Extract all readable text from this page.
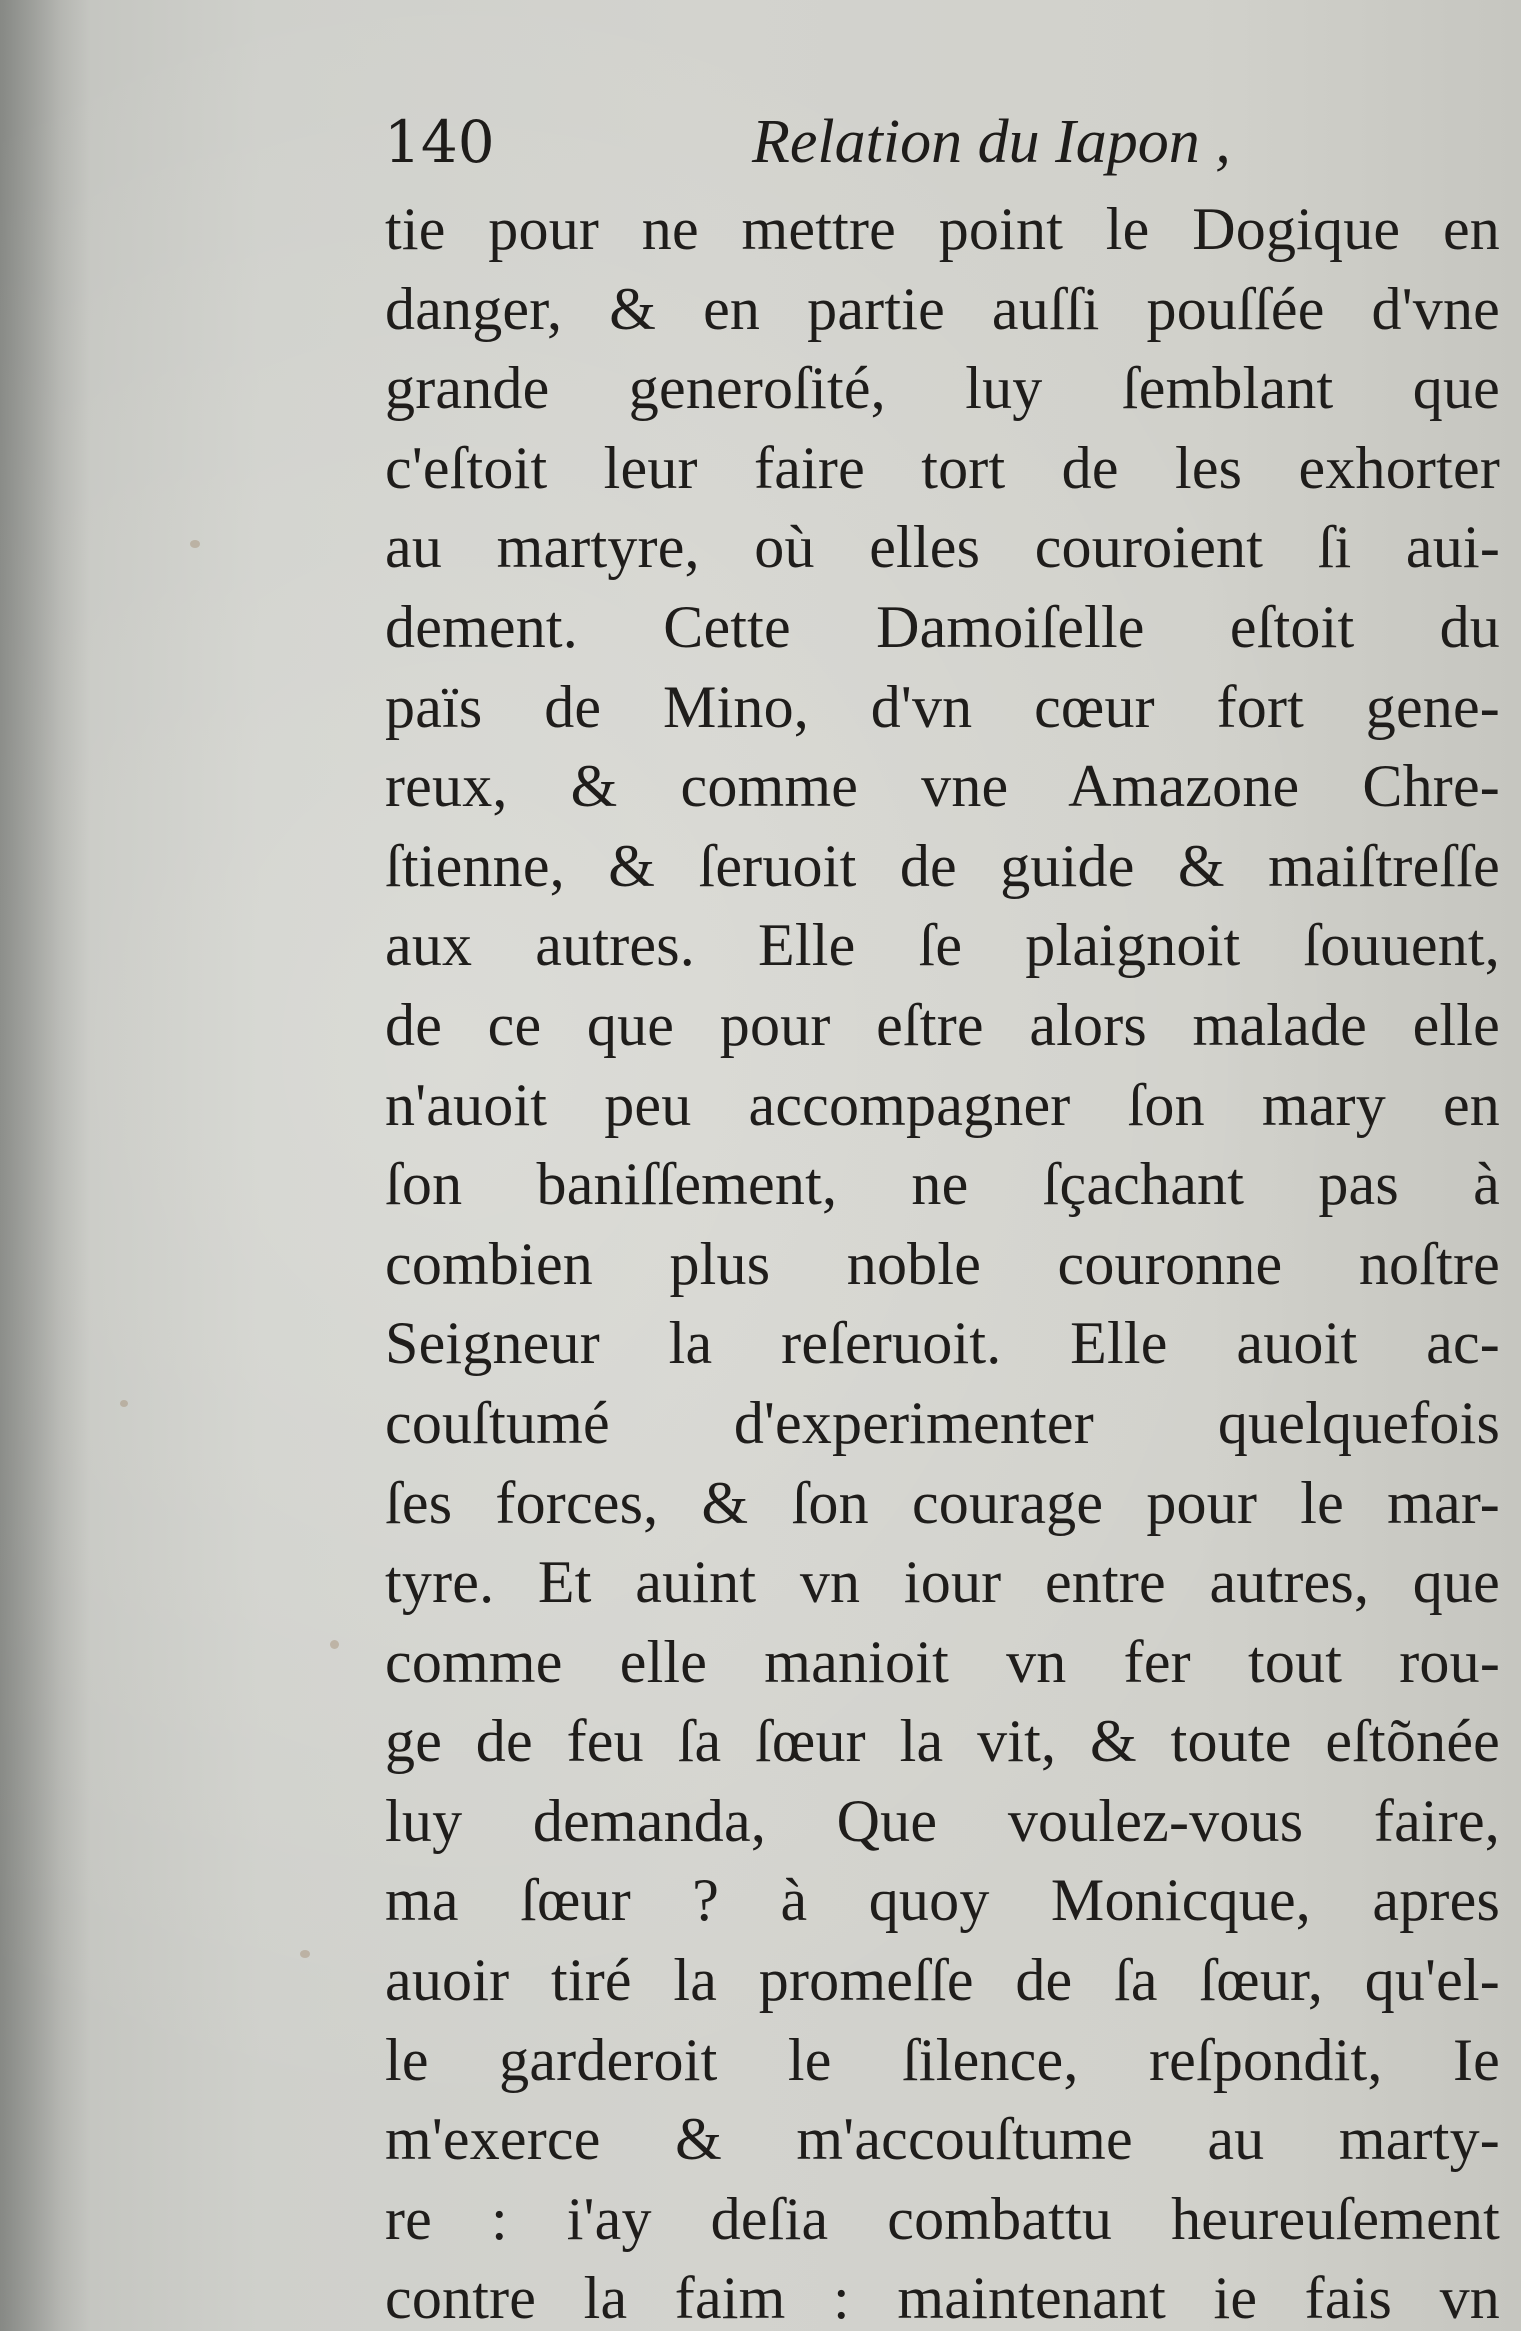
140	Relation du Iapon ,
tie pour ne mettre point le Dogique en
danger, & en partie auſſi pouſſée d'vne
grande generoſité, luy ſemblant que
c'eſtoit leur faire tort de les exhorter
au martyre, où elles couroient ſi aui-
dement. Cette Damoiſelle eſtoit du
païs de Mino, d'vn cœur fort gene-
reux, & comme vne Amazone Chre-
ſtienne, & ſeruoit de guide & maiſtreſſe
aux autres. Elle ſe plaignoit ſouuent,
de ce que pour eſtre alors malade elle
n'auoit peu accompagner ſon mary en
ſon baniſſement, ne ſçachant pas à
combien plus noble couronne noſtre
Seigneur la reſeruoit. Elle auoit ac-
couſtumé d'experimenter quelquefois
ſes forces, & ſon courage pour le mar-
tyre. Et auint vn iour entre autres, que
comme elle manioit vn fer tout rou-
ge de feu ſa ſœur la vit, & toute eſtõnée
luy demanda, Que voulez-vous faire,
ma ſœur ? à quoy Monicque, apres
auoir tiré la promeſſe de ſa ſœur, qu'el-
le garderoit le ſilence, reſpondit, Ie
m'exerce & m'accouſtume au marty-
re : i'ay deſia combattu heureuſement
contre la faim : maintenant ie fais vn
